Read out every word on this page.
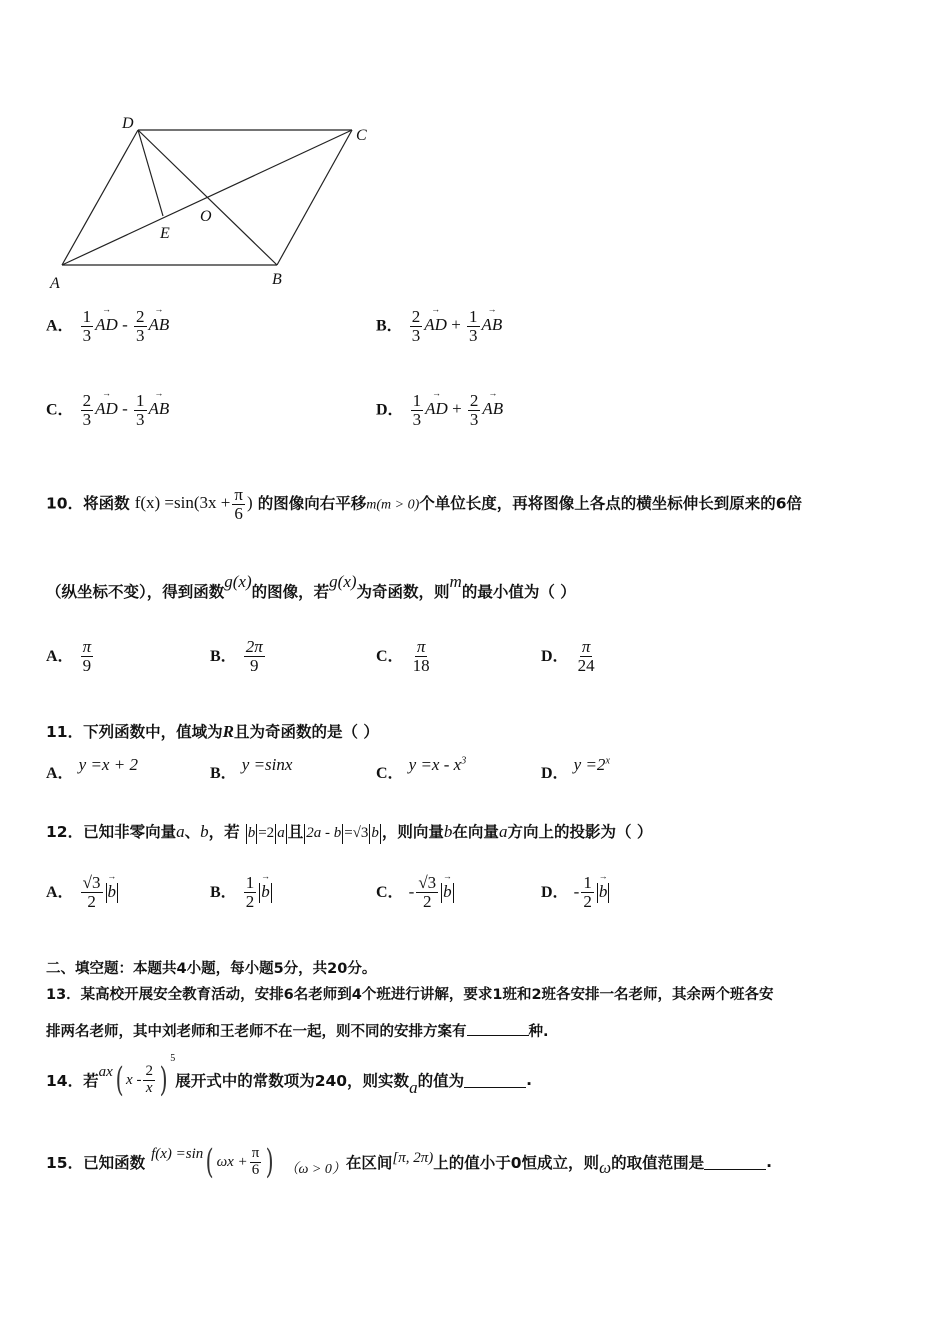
D
C
A	B
O
E
A． $\frac{1}{3}$
→ AD - $\frac{2}{3}$
→ AB	B． $\frac{2}{3}$
→ AD + $\frac{1}{3}$
→ AB
C． $\frac{2}{3}$
→ AD - $\frac{1}{3}$
→ AB	D． $\frac{1}{3}$
→ AD + $\frac{2}{3}$
→ AB
10．将函数 $f(x) =\sin(3x + \frac{\pi}{6}$ ) 的图像向右平移m(m > 0)个单位长度，再将图像上各点的横坐标伸长到原来的6倍
（纵坐标不变），得到函数g(x)的图像，若g(x)为奇函数，则m的最小值为（ ）
A． $\frac{\pi}{9}$	B． $\frac{2\pi}{9}$	C． $\frac{\pi}{18}$	D． $\frac{\pi}{24}$
11．下列函数中，值域为R且为奇函数的是（ ）
A． y =x + 2	B． y =sinx	C． $y =x - x^3$
D． $y =2^x$
12．已知非零向量a、b，若 b =2 a 且 2a - b =√3 b ，则向量b在向量a方向上的投影为（ ）
A． $\frac{√3}{2}$
→ b	B． $\frac{1}{2}$
→ b	C． - $\frac{√3}{2}$
→ b	D． - $\frac{1}{2}$
→ b
二、填空题：本题共4小题，每小题5分，共20分。
13．某高校开展安全教育活动，安排6名老师到4个班进行讲解，要求1班和2班各安排一名老师，其余两个班各安
排两名老师，其中刘老师和王老师不在一起，则不同的安排方案有	种.
14． 若
ax ( x - $\frac{2}{x}$ )
5
展开式中的常数项为240，则实数 a 的值为	.
15． 已知函数
f(x) =sin ( $\omega x + \frac{\pi}{6}$ ) （ω > 0） 在区间 [π, 2π) 上的值小于0恒成立，则 ω 的取值范围是	.
